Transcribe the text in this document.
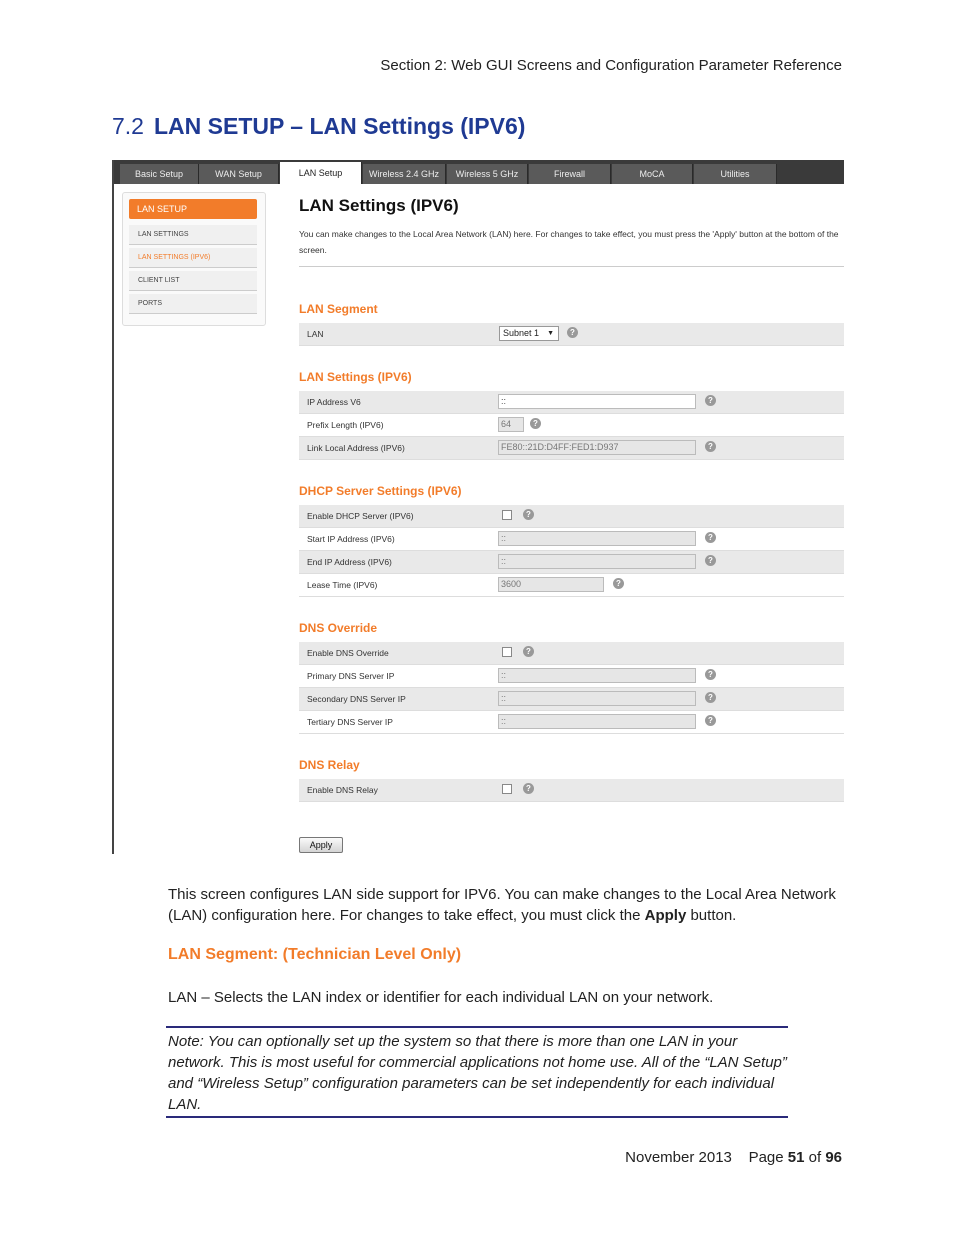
Section 2: Web GUI Screens and Configuration Parameter Reference
7.2 LAN SETUP – LAN Settings (IPV6)
Basic Setup	WAN Setup	LAN Setup	Wireless 2.4 GHz	Wireless 5 GHz	Firewall	MoCA	Utilities
LAN SETUP
LAN SETTINGS
LAN SETTINGS (IPV6)
CLIENT LIST
PORTS
LAN Settings (IPV6)
You can make changes to the Local Area Network (LAN) here. For changes to take effect, you must press the 'Apply' button at the bottom of the screen.
LAN Segment
LAN	Subnet 1 ▼	?
LAN Settings (IPV6)
IP Address V6	::	?
Prefix Length (IPV6)	64	?
Link Local Address (IPV6)	FE80::21D:D4FF:FED1:D937	?
DHCP Server Settings (IPV6)
Enable DHCP Server (IPV6)	?
Start IP Address (IPV6)	::	?
End IP Address (IPV6)	::	?
Lease Time (IPV6)	3600	?
DNS Override
Enable DNS Override	?
Primary DNS Server IP	::	?
Secondary DNS Server IP	::	?
Tertiary DNS Server IP	::	?
DNS Relay
Enable DNS Relay	?
Apply
This screen configures LAN side support for IPV6. You can make changes to the Local Area Network (LAN) configuration here. For changes to take effect, you must click the Apply button.
LAN Segment: (Technician Level Only)
LAN – Selects the LAN index or identifier for each individual LAN on your network.
Note: You can optionally set up the system so that there is more than one LAN in your network. This is most useful for commercial applications not home use. All of the “LAN Setup” and “Wireless Setup” configuration parameters can be set independently for each individual LAN.
November 2013 Page 51 of 96
